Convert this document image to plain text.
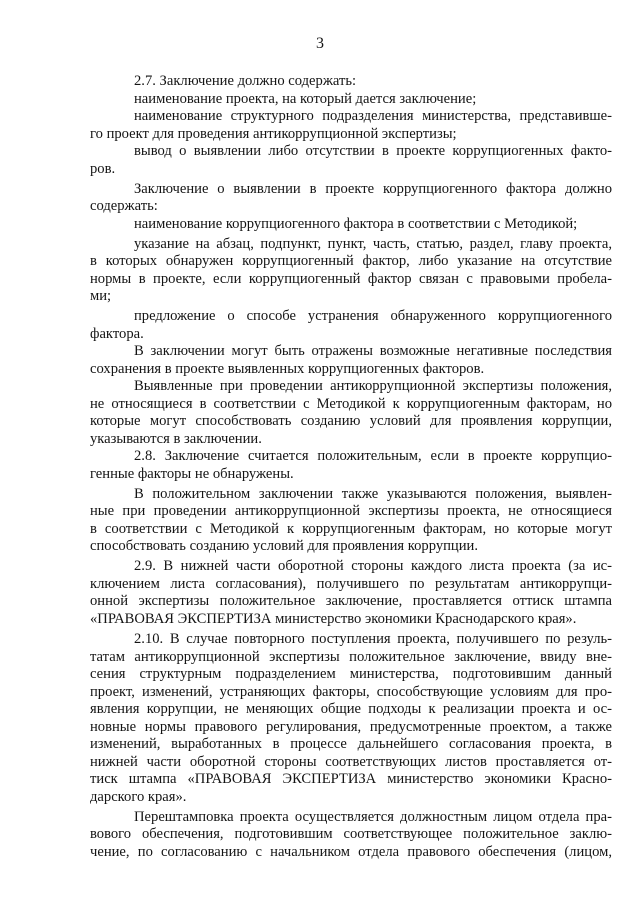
3
2.7. Заключение должно содержать:
наименование проекта, на который дается заключение;
наименование структурного подразделения министерства, представивше-
го проект для проведения антикоррупционной экспертизы;
вывод о выявлении либо отсутствии в проекте коррупциогенных факто-
ров.
Заключение о выявлении в проекте коррупциогенного фактора должно
содержать:
наименование коррупциогенного фактора в соответствии с Методикой;
указание на абзац, подпункт, пункт, часть, статью, раздел, главу проекта,
в которых обнаружен коррупциогенный фактор, либо указание на отсутствие
нормы в проекте, если коррупциогенный фактор связан с правовыми пробела-
ми;
предложение о способе устранения обнаруженного коррупциогенного
фактора.
В заключении могут быть отражены возможные негативные последствия
сохранения в проекте выявленных коррупциогенных факторов.
Выявленные при проведении антикоррупционной экспертизы положения,
не относящиеся в соответствии с Методикой к коррупциогенным факторам, но
которые могут способствовать созданию условий для проявления коррупции,
указываются в заключении.
2.8. Заключение считается положительным, если в проекте коррупцио-
генные факторы не обнаружены.
В положительном заключении также указываются положения, выявлен-
ные при проведении антикоррупционной экспертизы проекта, не относящиеся
в соответствии с Методикой к коррупциогенным факторам, но которые могут
способствовать созданию условий для проявления коррупции.
2.9. В нижней части оборотной стороны каждого листа проекта (за ис-
ключением листа согласования), получившего по результатам антикоррупци-
онной экспертизы положительное заключение, проставляется оттиск штампа
«ПРАВОВАЯ ЭКСПЕРТИЗА министерство экономики Краснодарского края».
2.10. В случае повторного поступления проекта, получившего по резуль-
татам антикоррупционной экспертизы положительное заключение, ввиду вне-
сения структурным подразделением министерства, подготовившим данный
проект, изменений, устраняющих факторы, способствующие условиям для про-
явления коррупции, не меняющих общие подходы к реализации проекта и ос-
новные нормы правового регулирования, предусмотренные проектом, а также
изменений, выработанных в процессе дальнейшего согласования проекта, в
нижней части оборотной стороны соответствующих листов проставляется от-
тиск штампа «ПРАВОВАЯ ЭКСПЕРТИЗА министерство экономики Красно-
дарского края».
Перештамповка проекта осуществляется должностным лицом отдела пра-
вового обеспечения, подготовившим соответствующее положительное заклю-
чение, по согласованию с начальником отдела правового обеспечения (лицом,
